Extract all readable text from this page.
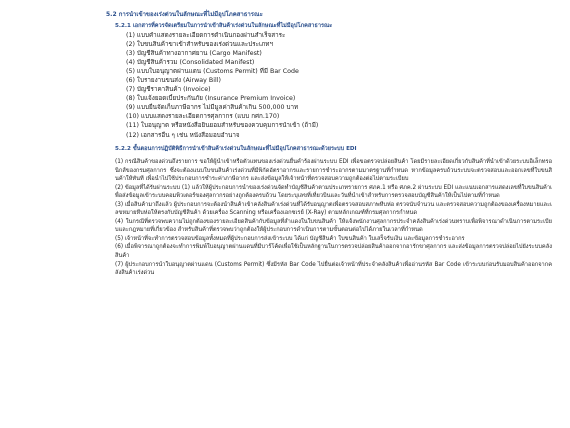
5.2 การนำเข้าของเร่งด่วนในลักษณะที่ไม่มีอุปโภคสาธารณะ
5.2.1 เอกสารที่ควรจัดเตรียมในการนำเข้าสินค้าเร่งด่วนในลักษณะที่ไม่มีอุปโภคสาธารณะ
(1) แบบคำแสดงรายละเอียดการดำเนินกองผ่านสำเร็จสาระ
(2) ใบขนสินค้าขาเข้าสำหรับของเร่งด่วนและประเภทฯ
(3) บัญชีสินค้าทางอากาศยาน (Cargo Manifest)
(4) บัญชีสินค้ารวม (Consolidated Manifest)
(5) แบบใบอนุญาตผ่านแดน (Customs Permit) ที่มี Bar Code
(6) ใบรายงานขนส่ง (Airway Bill)
(7) บัญชีราคาสินค้า (Invoice)
(8) ใบแจ้งยอดเบี้ยประกันภัย (Insurance Premium Invoice)
(9) แบบยื่นจัดเก็บภาษีอากร ไม่มีมูลค่าสินค้าเกิน 500,000 บาท
(10) แบบแสดงรายละเอียดการศุลกากร (แบบ กศก.170)
(11) ใบอนุญาต หรือหนังสือยินยอมสำหรับของควบคุมการนำเข้า (ถ้ามี)
(12) เอกสารอื่น ๆ เช่น หนังสือมอบอำนาจ
5.2.2 ขั้นตอนการปฏิบัติพิธีการนำเข้าสินค้าเร่งด่วนในลักษณะที่ไม่มีอุปโภคสาธารณะด้วยระบบ EDI

(1) กรณีสินค้าของด่วนถึงรายการ ขอให้ผู้นำเข้าหรือตัวแทนของเร่งด่วนยื่นคำร้องผ่านระบบ EDI เพื่อขอตรวจปล่อยสินค้า โดยมีรายละเอียดเกี่ยวกับสินค้าที่นำเข้าด้วยระบบอิเล็กทรอนิกส์ของกรมศุลกากร ซึ่งจะต้องแนบใบขนสินค้าเร่งด่วนที่มีพิกัดอัตราอากรและรายการชำระอากรตามมาตรฐานที่กำหนด หากข้อมูลครบถ้วนระบบจะตรวจสอบและออกเลขที่ใบขนสินค้าให้ทันที เพื่อนำไปใช้ประกอบการชำระค่าภาษีอากร และส่งข้อมูลให้เจ้าหน้าที่ตรวจสอบความถูกต้องต่อไปตามระเบียบ

(2) ข้อมูลที่ได้รับผ่านระบบ (1) แล้วให้ผู้ประกอบการนำของเร่งด่วนจัดทำบัญชีสินค้าตามประเภทรายการ ศภค.1 หรือ ศภค.2 ผ่านระบบ EDI และแนบเอกสารแสดงเลขที่ใบขนสินค้าเพื่อส่งข้อมูลเข้าระบบคอมพิวเตอร์ของศุลกากรอย่างถูกต้องครบถ้วน โดยระบุเลขที่เที่ยวบินและวันที่นำเข้าสำหรับการตรวจสอบบัญชีสินค้าให้เป็นไปตามที่กำหนด

(3) เมื่อสินค้ามาถึงแล้ว ผู้ประกอบการจะต้องนำสินค้าเข้าคลังสินค้าเร่งด่วนที่ได้รับอนุญาตเพื่อตรวจสอบสภาพหีบห่อ ตรวจนับจำนวน และตรวจสอบความถูกต้องของเครื่องหมายและเลขหมายหีบห่อให้ตรงกับบัญชีสินค้า ด้วยเครื่อง Scanning หรือเครื่องเอกซเรย์ (X-Ray) ตามหลักเกณฑ์ที่กรมศุลกากรกำหนด

(4) ในกรณีที่ตรวจพบความไม่ถูกต้องของรายละเอียดสินค้ากับข้อมูลที่สำแดงในใบขนสินค้า ให้แจ้งพนักงานศุลกากรประจำคลังสินค้าเร่งด่วนทราบเพื่อพิจารณาดำเนินการตามระเบียบและกฎหมายที่เกี่ยวข้อง สำหรับสินค้าที่ตรวจพบว่าถูกต้องให้ผู้ประกอบการดำเนินการตามขั้นตอนต่อไปได้ภายในเวลาที่กำหนด

(5) เจ้าหน้าที่จะทำการตรวจสอบข้อมูลทั้งหมดที่ผู้ประกอบการส่งเข้าระบบ ได้แก่ บัญชีสินค้า ใบขนสินค้า ใบเสร็จรับเงิน และข้อมูลการชำระอากร

(6) เมื่อพิจารณาถูกต้องจะทำการพิมพ์ใบอนุญาตผ่านแดนที่มีบาร์โค้ดเพื่อใช้เป็นหลักฐานในการตรวจปล่อยสินค้าออกจากอารักขาศุลกากร และส่งข้อมูลการตรวจปล่อยไปยังระบบคลังสินค้า

(7) ผู้ประกอบการนำใบอนุญาตผ่านแดน (Customs Permit) ซึ่งมีรหัส Bar Code ไปยื่นต่อเจ้าหน้าที่ประจำคลังสินค้าเพื่ออ่านรหัส Bar Code เข้าระบบก่อนรับมอบสินค้าออกจากคลังสินค้าเร่งด่วน
